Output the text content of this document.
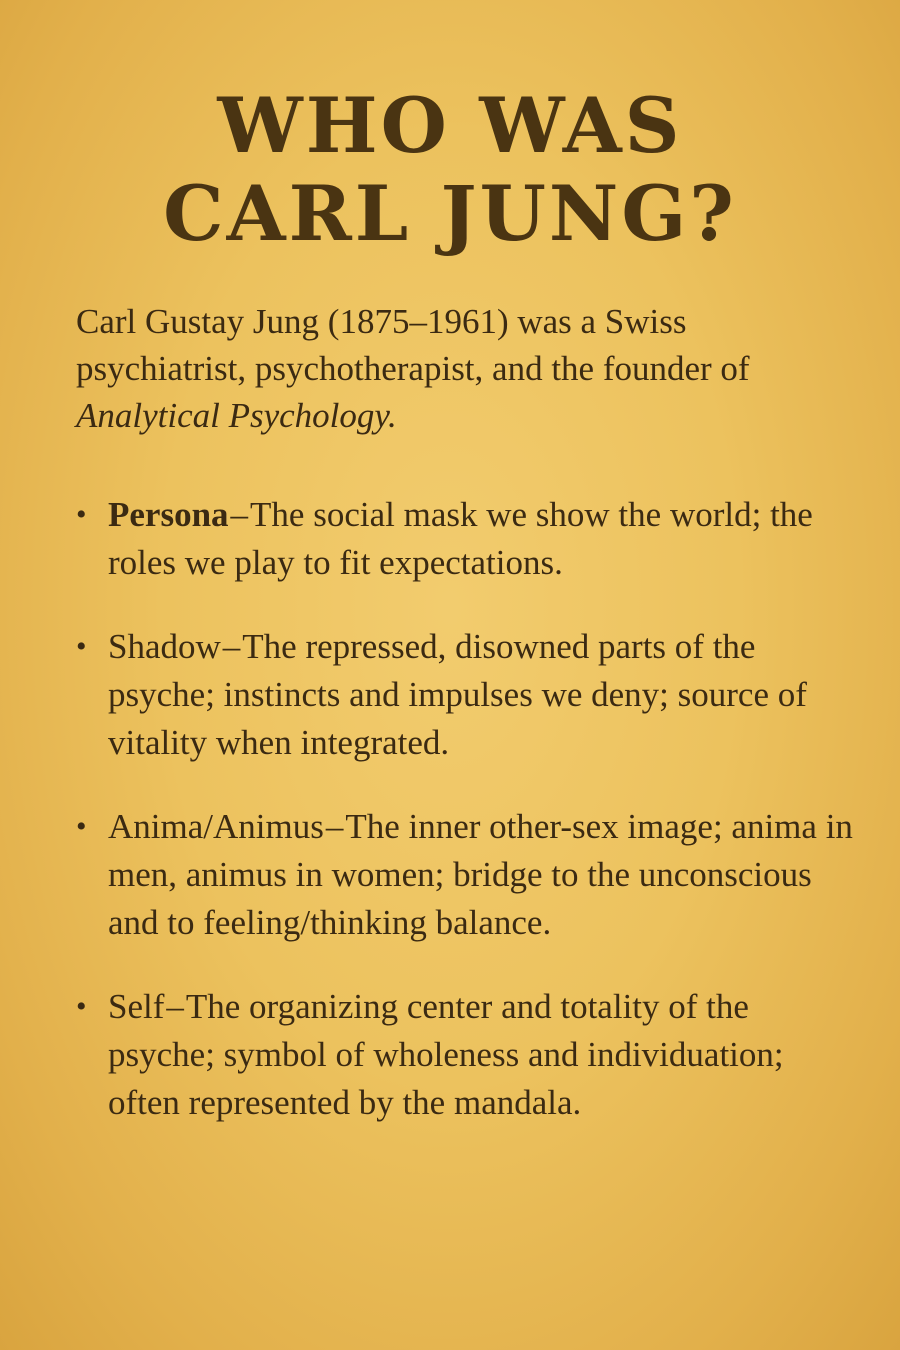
WHO WAS
CARL JUNG?

Carl Gustay Jung (1875–1961) was a Swiss psychiatrist, psychotherapist, and the founder of Analytical Psychology.

• Persona–The social mask we show the world; the roles we play to fit expectations.
• Shadow–The repressed, disowned parts of the psyche; instincts and impulses we deny; source of vitality when integrated.
• Anima/Animus–The inner other-sex image; anima in men, animus in women; bridge to the unconscious and to feeling/thinking balance.
• Self–The organizing center and totality of the psyche; symbol of wholeness and individuation; often represented by the mandala.
